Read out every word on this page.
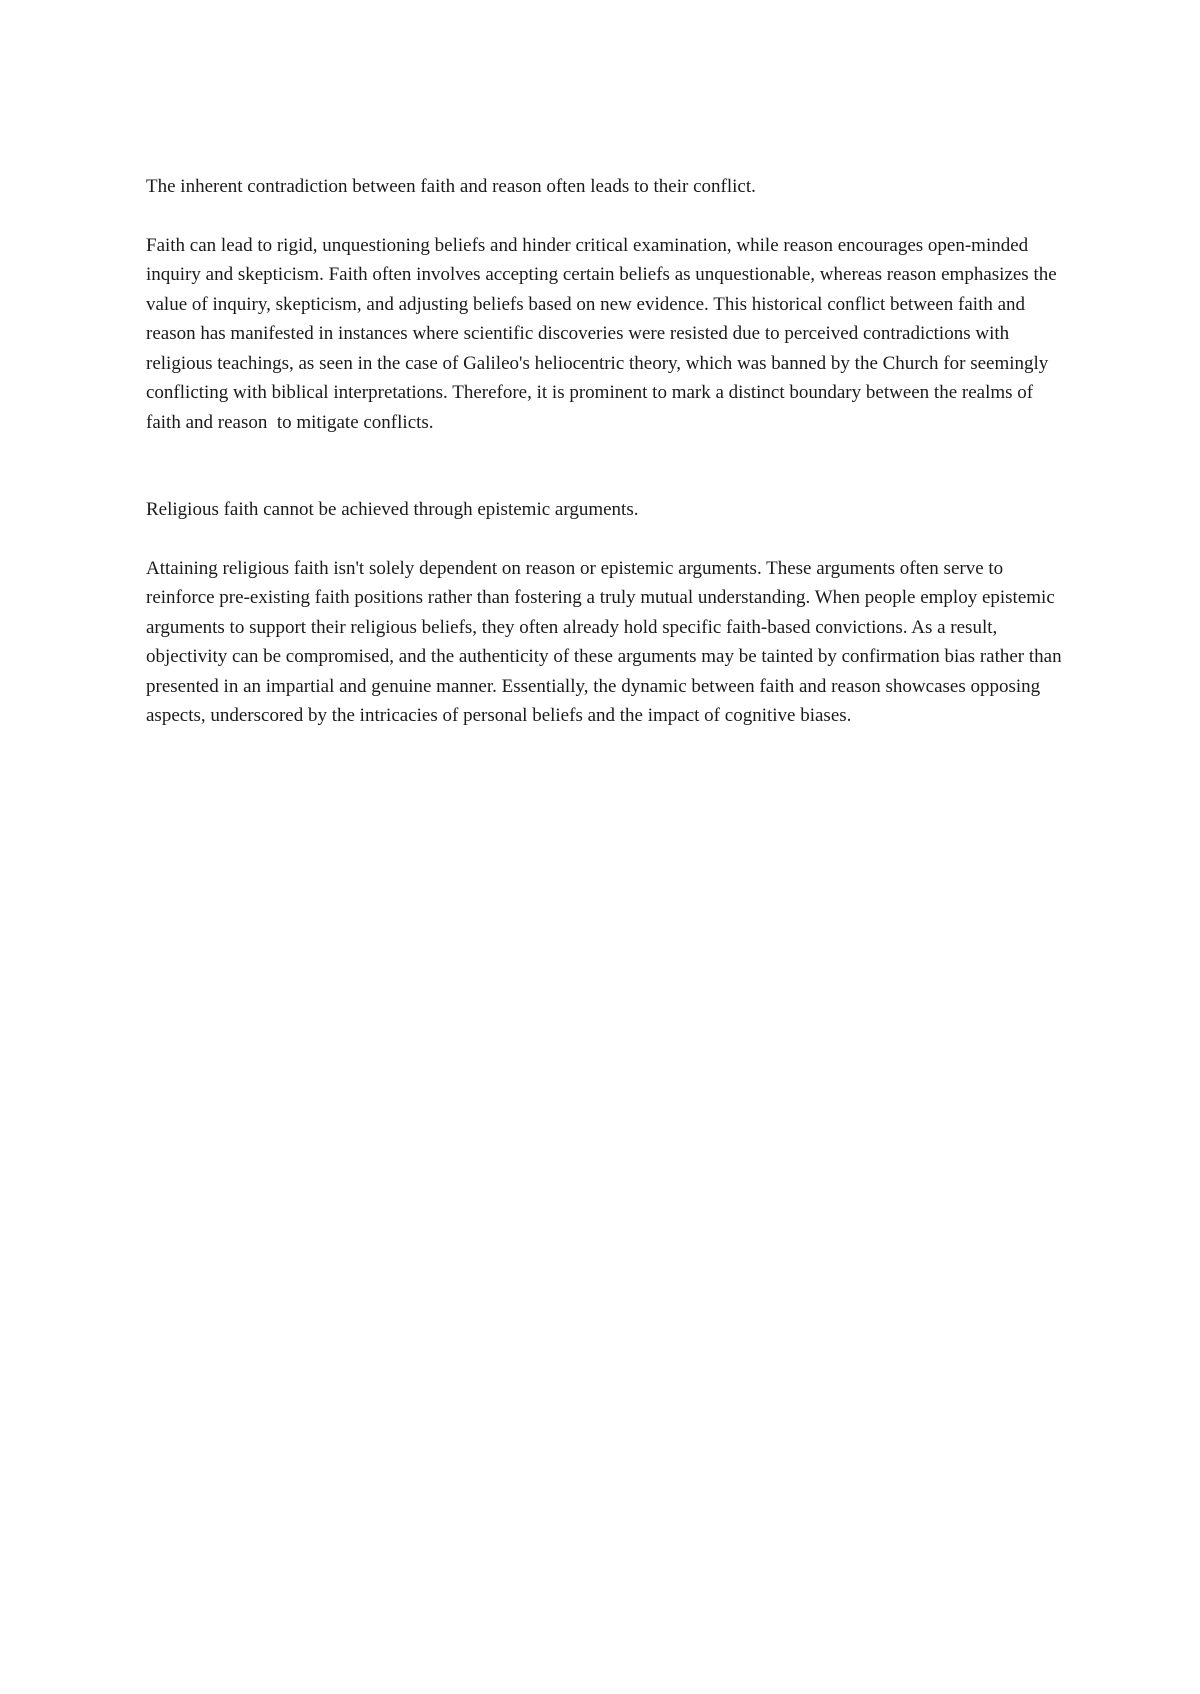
The inherent contradiction between faith and reason often leads to their conflict.

Faith can lead to rigid, unquestioning beliefs and hinder critical examination, while reason encourages open-minded inquiry and skepticism. Faith often involves accepting certain beliefs as unquestionable, whereas reason emphasizes the value of inquiry, skepticism, and adjusting beliefs based on new evidence. This historical conflict between faith and reason has manifested in instances where scientific discoveries were resisted due to perceived contradictions with religious teachings, as seen in the case of Galileo's heliocentric theory, which was banned by the Church for seemingly conflicting with biblical interpretations. Therefore, it is prominent to mark a distinct boundary between the realms of faith and reason  to mitigate conflicts.

Religious faith cannot be achieved through epistemic arguments.

Attaining religious faith isn't solely dependent on reason or epistemic arguments. These arguments often serve to reinforce pre-existing faith positions rather than fostering a truly mutual understanding. When people employ epistemic arguments to support their religious beliefs, they often already hold specific faith-based convictions. As a result, objectivity can be compromised, and the authenticity of these arguments may be tainted by confirmation bias rather than presented in an impartial and genuine manner. Essentially, the dynamic between faith and reason showcases opposing aspects, underscored by the intricacies of personal beliefs and the impact of cognitive biases.
